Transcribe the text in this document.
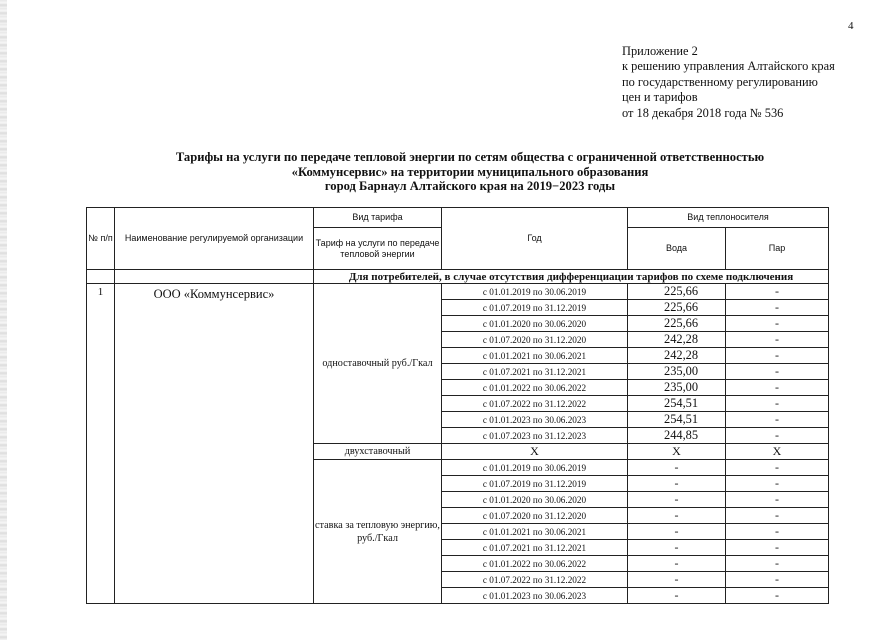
4
Приложение 2
к решению управления Алтайского края
по государственному регулированию
цен и тарифов
от 18 декабря 2018 года № 536
Тарифы на услуги по передаче тепловой энергии по сетям общества с ограниченной ответственностью
«Коммунсервис» на территории муниципального образования
город Барнаул Алтайского края на 2019−2023 годы
№ п/п	Наименование регулируемой организации	Вид тарифа	Год	Вид теплоносителя	
		Тариф на услуги по передаче тепловой энергии		Вода	Пар
		Для потребителей, в случае отсутствия дифференциации тарифов по схеме подключения			
1	ООО «Коммунсервис»	одноставочный руб./Гкал	с 01.01.2019 по 30.06.2019	225,66	-
			с 01.07.2019 по 31.12.2019	225,66	-
			с 01.01.2020 по 30.06.2020	225,66	-
			с 01.07.2020 по 31.12.2020	242,28	-
			с 01.01.2021 по 30.06.2021	242,28	-
			с 01.07.2021 по 31.12.2021	235,00	-
			с 01.01.2022 по 30.06.2022	235,00	-
			с 01.07.2022 по 31.12.2022	254,51	-
			с 01.01.2023 по 30.06.2023	254,51	-
			с 01.07.2023 по 31.12.2023	244,85	-
		двухставочный	X	X	X
		ставка за тепловую энергию, руб./Гкал	с 01.01.2019 по 30.06.2019	-	-
			с 01.07.2019 по 31.12.2019	-	-
			с 01.01.2020 по 30.06.2020	-	-
			с 01.07.2020 по 31.12.2020	-	-
			с 01.01.2021 по 30.06.2021	-	-
			с 01.07.2021 по 31.12.2021	-	-
			с 01.01.2022 по 30.06.2022	-	-
			с 01.07.2022 по 31.12.2022	-	-
			с 01.01.2023 по 30.06.2023	-	-
